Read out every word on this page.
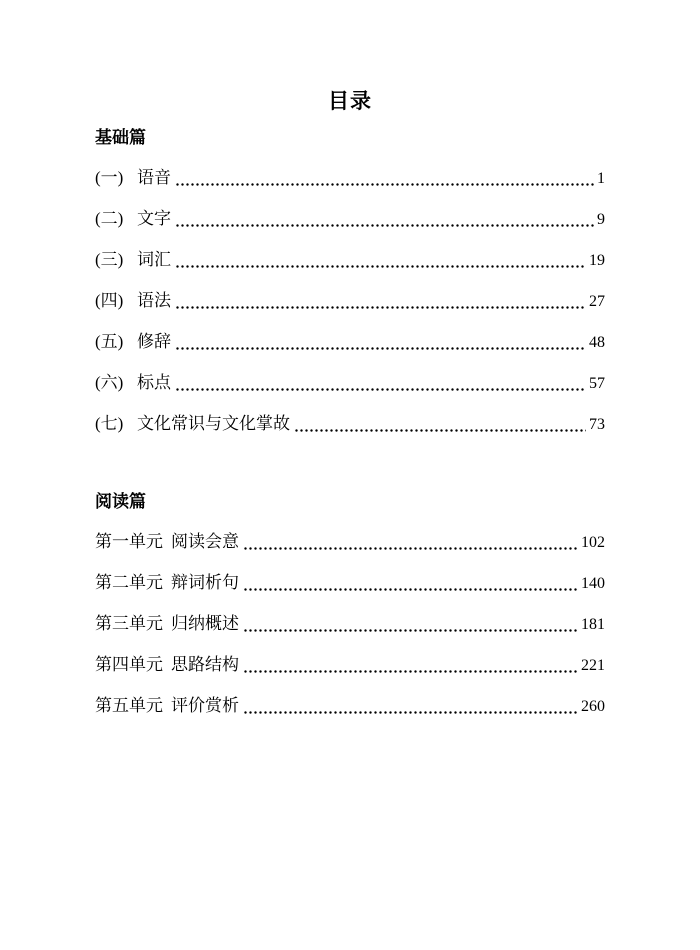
目录
基础篇
(一) 语音	1
(二) 文字	9
(三) 词汇	19
(四) 语法	27
(五) 修辞	48
(六) 标点	57
(七) 文化常识与文化掌故	73
阅读篇
第一单元 阅读会意	102
第二单元 辩词析句	140
第三单元 归纳概述	181
第四单元 思路结构	221
第五单元 评价赏析	260
